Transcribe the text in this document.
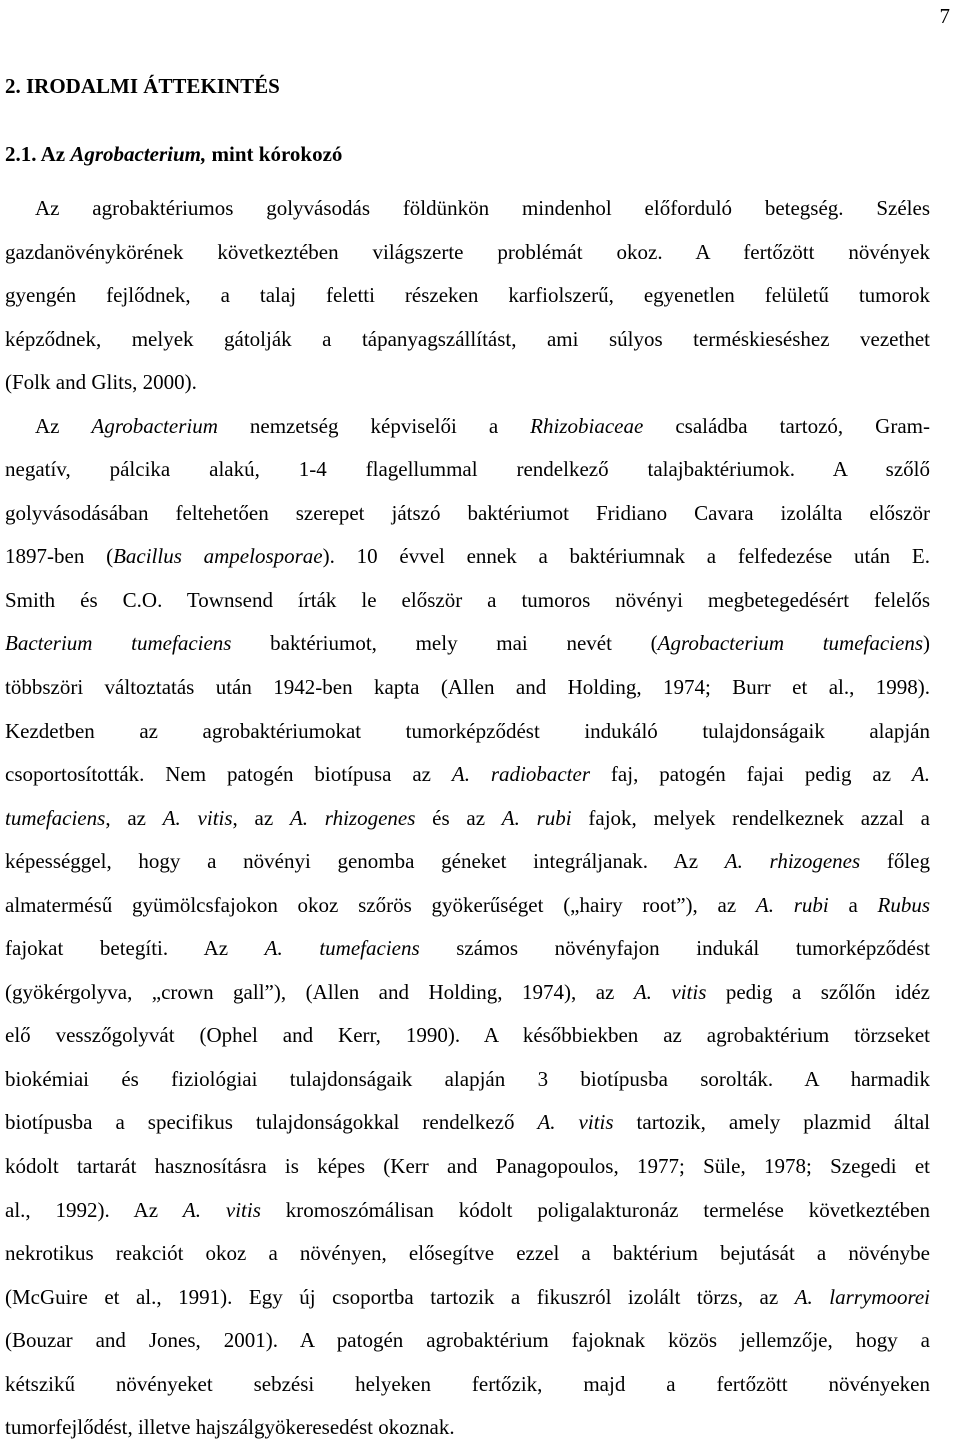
7
2. IRODALMI ÁTTEKINTÉS
2.1. Az Agrobacterium, mint kórokozó
Az agrobaktériumos golyvásodás földünkön mindenhol előforduló betegség. Széles
gazdanövénykörének következtében világszerte problémát okoz. A fertőzött növények
gyengén fejlődnek, a talaj feletti részeken karfiolszerű, egyenetlen felületű tumorok
képződnek, melyek gátolják a tápanyagszállítást, ami súlyos terméskieséshez vezethet
(Folk and Glits, 2000).
Az Agrobacterium nemzetség képviselői a Rhizobiaceae családba tartozó, Gram-
negatív, pálcika alakú, 1-4 flagellummal rendelkező talajbaktériumok. A szőlő
golyvásodásában feltehetően szerepet játszó baktériumot Fridiano Cavara izolálta először
1897-ben (Bacillus ampelosporae). 10 évvel ennek a baktériumnak a felfedezése után E.
Smith és C.O. Townsend írták le először a tumoros növényi megbetegedésért felelős
Bacterium tumefaciens baktériumot, mely mai nevét (Agrobacterium tumefaciens)
többszöri változtatás után 1942-ben kapta (Allen and Holding, 1974; Burr et al., 1998).
Kezdetben az agrobaktériumokat tumorképződést indukáló tulajdonságaik alapján
csoportosították. Nem patogén biotípusa az A. radiobacter faj, patogén fajai pedig az A.
tumefaciens, az A. vitis, az A. rhizogenes és az A. rubi fajok, melyek rendelkeznek azzal a
képességgel, hogy a növényi genomba géneket integráljanak. Az A. rhizogenes főleg
almatermésű gyümölcsfajokon okoz szőrös gyökerűséget („hairy root”), az A. rubi a Rubus
fajokat betegíti. Az A. tumefaciens számos növényfajon indukál tumorképződést
(gyökérgolyva, „crown gall”), (Allen and Holding, 1974), az A. vitis pedig a szőlőn idéz
elő vesszőgolyvát (Ophel and Kerr, 1990). A későbbiekben az agrobaktérium törzseket
biokémiai és fiziológiai tulajdonságaik alapján 3 biotípusba sorolták. A harmadik
biotípusba a specifikus tulajdonságokkal rendelkező A. vitis tartozik, amely plazmid által
kódolt tartarát hasznosításra is képes (Kerr and Panagopoulos, 1977; Süle, 1978; Szegedi et
al., 1992). Az A. vitis kromoszómálisan kódolt poligalakturonáz termelése következtében
nekrotikus reakciót okoz a növényen, elősegítve ezzel a baktérium bejutását a növénybe
(McGuire et al., 1991). Egy új csoportba tartozik a fikuszról izolált törzs, az A. larrymoorei
(Bouzar and Jones, 2001). A patogén agrobaktérium fajoknak közös jellemzője, hogy a
kétszikű növényeket sebzési helyeken fertőzik, majd a fertőzött növényeken
tumorfejlődést, illetve hajszálgyökeresedést okoznak.
